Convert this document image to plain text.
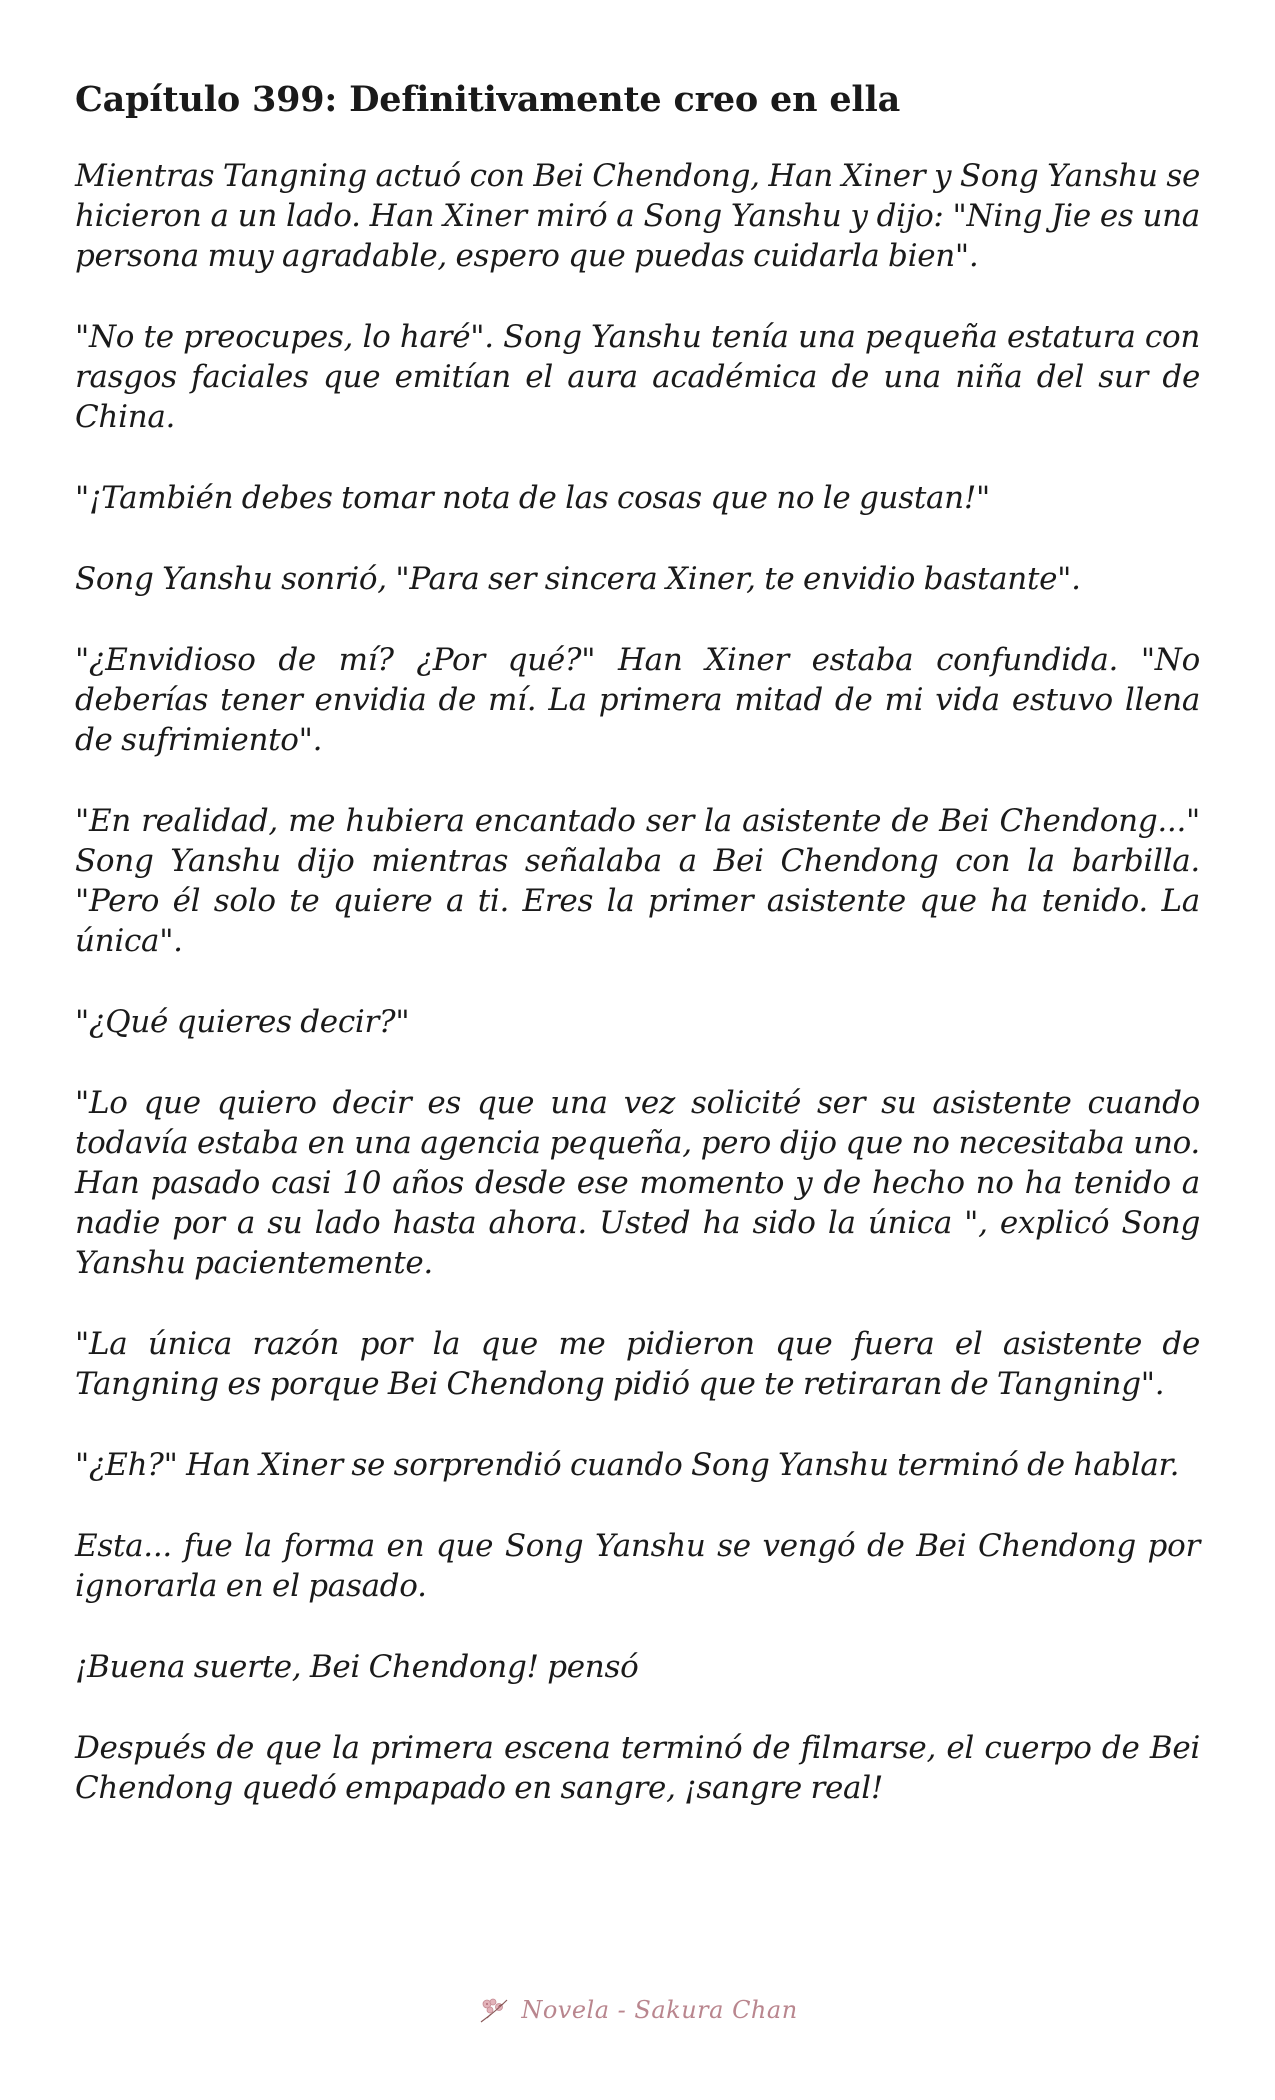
Capítulo 399: Definitivamente creo en ella

Mientras Tangning actuó con Bei Chendong, Han Xiner y Song Yanshu se hicieron a un lado. Han Xiner miró a Song Yanshu y dijo: "Ning Jie es una persona muy agradable, espero que puedas cuidarla bien".

"No te preocupes, lo haré". Song Yanshu tenía una pequeña estatura con rasgos faciales que emitían el aura académica de una niña del sur de China.

"¡También debes tomar nota de las cosas que no le gustan!"

Song Yanshu sonrió, "Para ser sincera Xiner, te envidio bastante".

"¿Envidioso de mí? ¿Por qué?" Han Xiner estaba confundida. "No deberías tener envidia de mí. La primera mitad de mi vida estuvo llena de sufrimiento".

"En realidad, me hubiera encantado ser la asistente de Bei Chendong..." Song Yanshu dijo mientras señalaba a Bei Chendong con la barbilla. "Pero él solo te quiere a ti. Eres la primer asistente que ha tenido. La única".

"¿Qué quieres decir?"

"Lo que quiero decir es que una vez solicité ser su asistente cuando todavía estaba en una agencia pequeña, pero dijo que no necesitaba uno. Han pasado casi 10 años desde ese momento y de hecho no ha tenido a nadie por a su lado hasta ahora. Usted ha sido la única ", explicó Song Yanshu pacientemente.

"La única razón por la que me pidieron que fuera el asistente de Tangning es porque Bei Chendong pidió que te retiraran de Tangning".

"¿Eh?" Han Xiner se sorprendió cuando Song Yanshu terminó de hablar.

Esta... fue la forma en que Song Yanshu se vengó de Bei Chendong por ignorarla en el pasado.

¡Buena suerte, Bei Chendong! pensó

Después de que la primera escena terminó de filmarse, el cuerpo de Bei Chendong quedó empapado en sangre, ¡sangre real!

Novela - Sakura Chan
